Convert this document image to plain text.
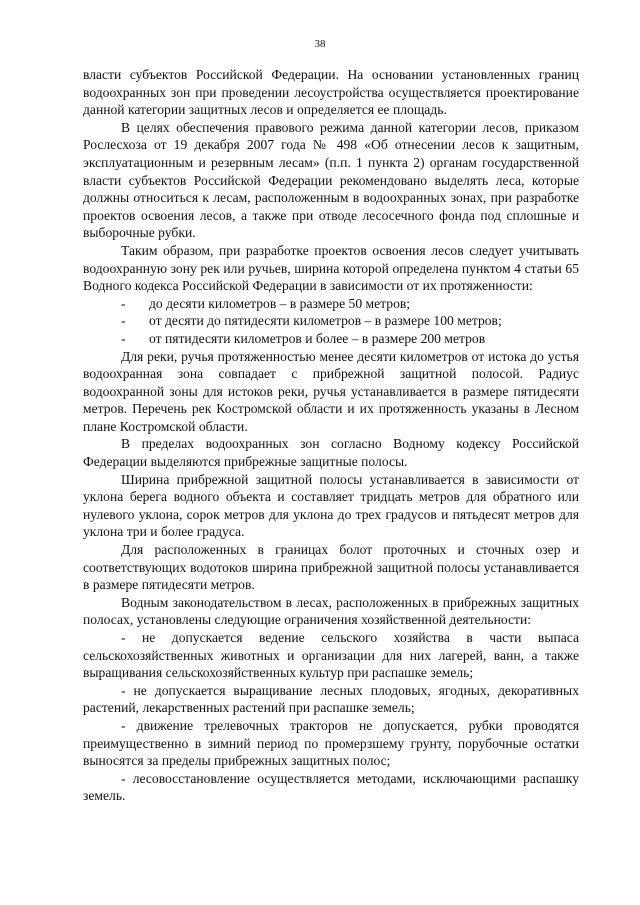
38

власти субъектов Российской Федерации. На основании установленных границ водоохранных зон при проведении лесоустройства осуществляется проектирование данной категории защитных лесов и определяется ее площадь.

В целях обеспечения правового режима данной категории лесов, приказом Рослесхоза от 19 декабря 2007 года № 498 «Об отнесении лесов к защитным, эксплуатационным и резервным лесам» (п.п. 1 пункта 2) органам государственной власти субъектов Российской Федерации рекомендовано выделять леса, которые должны относиться к лесам, расположенным в водоохранных зонах, при разработке проектов освоения лесов, а также при отводе лесосечного фонда под сплошные и выборочные рубки.

Таким образом, при разработке проектов освоения лесов следует учитывать водоохранную зону рек или ручьев, ширина которой определена пунктом 4 статьи 65 Водного кодекса Российской Федерации в зависимости от их протяженности:

-	до десяти километров – в размере 50 метров;
-	от десяти до пятидесяти километров – в размере 100 метров;
-	от пятидесяти километров и более – в размере 200 метров

Для реки, ручья протяженностью менее десяти километров от истока до устья водоохранная зона совпадает с прибрежной защитной полосой. Радиус водоохранной зоны для истоков реки, ручья устанавливается в размере пятидесяти метров. Перечень рек Костромской области и их протяженность указаны в Лесном плане Костромской области.

В пределах водоохранных зон согласно Водному кодексу Российской Федерации выделяются прибрежные защитные полосы.

Ширина прибрежной защитной полосы устанавливается в зависимости от уклона берега водного объекта и составляет тридцать метров для обратного или нулевого уклона, сорок метров для уклона до трех градусов и пятьдесят метров для уклона три и более градуса.

Для расположенных в границах болот проточных и сточных озер и соответствующих водотоков ширина прибрежной защитной полосы устанавливается в размере пятидесяти метров.

Водным законодательством в лесах, расположенных в прибрежных защитных полосах, установлены следующие ограничения хозяйственной деятельности:

- не допускается ведение сельского хозяйства в части выпаса сельскохозяйственных животных и организации для них лагерей, ванн, а также выращивания сельскохозяйственных культур при распашке земель;

- не допускается выращивание лесных плодовых, ягодных, декоративных растений, лекарственных растений при распашке земель;

- движение трелевочных тракторов не допускается, рубки проводятся преимущественно в зимний период по промерзшему грунту, порубочные остатки выносятся за пределы прибрежных защитных полос;

- лесовосстановление осуществляется методами, исключающими распашку земель.
